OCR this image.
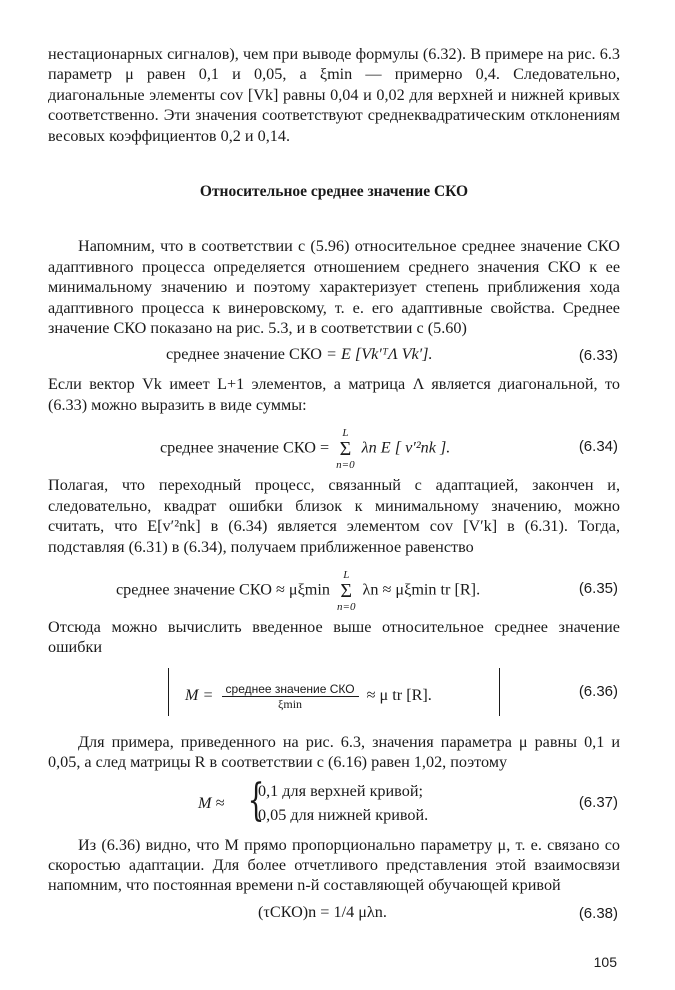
нестационарных сигналов), чем при выводе формулы (6.32). В примере на рис. 6.3 параметр μ равен 0,1 и 0,05, а ξmin — примерно 0,4. Следовательно, диагональные элементы cov [Vk] равны 0,04 и 0,02 для верхней и нижней кривых соответственно. Эти значения соответствуют среднеквадратическим отклонениям весовых коэффициентов 0,2 и 0,14.

Относительное среднее значение СКО

Напомним, что в соответствии с (5.96) относительное среднее значение СКО адаптивного процесса определяется отношением среднего значения СКО к ее минимальному значению и поэтому характеризует степень приближения хода адаптивного процесса к винеровскому, т. е. его адаптивные свойства. Среднее значение СКО показано на рис. 5.3, и в соответствии с (5.60)

среднее значение СКО = E [Vk′ᵀΛ Vk′].	(6.33)

Если вектор Vk имеет L+1 элементов, а матрица Λ является диагональной, то (6.33) можно выразить в виде суммы:

среднее значение СКО =
L
Σ
n=0
λn E [ v′²nk ].	(6.34)

Полагая, что переходный процесс, связанный с адаптацией, закончен и, следовательно, квадрат ошибки близок к минимальному значению, можно считать, что E[v′²nk] в (6.34) является элементом cov [V′k] в (6.31). Тогда, подставляя (6.31) в (6.34), получаем приближенное равенство

среднее значение СКО ≈ μξmin
L
Σ
n=0
λn ≈ μξmin tr [R].	(6.35)

Отсюда можно вычислить введенное выше относительное среднее значение ошибки

$M = \frac{\text{среднее значение СКО}}{\xi\min} \approx \mu$ tr [R].	(6.36)

Для примера, приведенного на рис. 6.3, значения параметра μ равны 0,1 и 0,05, а след матрицы R в соответствии с (6.16) равен 1,02, поэтому

M ≈ {
0,1 для верхней кривой;
0,05 для нижней кривой.
(6.37)

Из (6.36) видно, что M прямо пропорционально параметру μ, т. е. связано со скоростью адаптации. Для более отчетливого представления этой взаимосвязи напомним, что постоянная времени n-й составляющей обучающей кривой

(τСКО)n = 1/4 μλn.	(6.38)
105
